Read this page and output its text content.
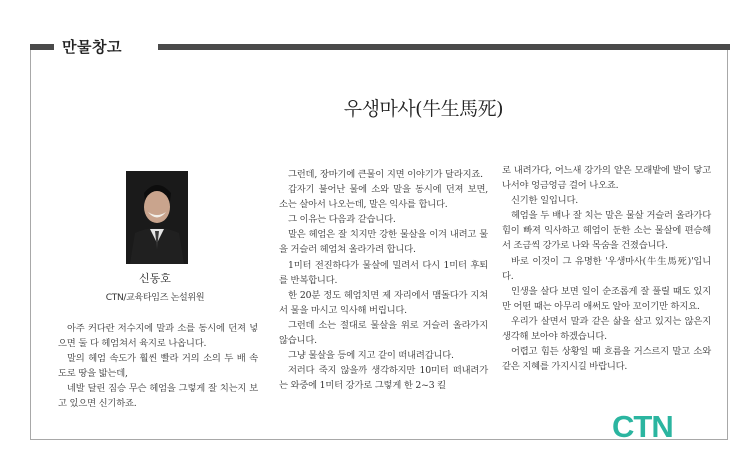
만물창고
우생마사(牛生馬死)
신동호
CTN/교육타임즈 논설위원

아주 커다란 저수지에 말과 소를 동시에 던져 넣으면 둘 다 헤엄쳐서 육지로 나옵니다.

말의 헤엄 속도가 훨씬 빨라 거의 소의 두 배 속도로 땅을 밟는데,

네발 달린 짐승 무슨 헤엄을 그렇게 잘 치는지 보고 있으면 신기하죠.

그런데, 장마기에 큰물이 지면 이야기가 달라지죠.

갑자기 불어난 물에 소와 말을 동시에 던져 보면, 소는 살아서 나오는데, 말은 익사를 합니다.

그 이유는 다음과 같습니다.

말은 헤엄은 잘 치지만 강한 물살을 이겨 내려고 물을 거슬러 헤엄쳐 올라가려 합니다.

1미터 전진하다가 물살에 밀려서 다시 1미터 후퇴를 반복합니다.

한 20분 정도 헤엄치면 제 자리에서 맴돌다가 지쳐서 물을 마시고 익사해 버립니다.

그런데 소는 절대로 물살을 위로 거슬러 올라가지 않습니다.

그냥 물살을 등에 지고 같이 떠내려갑니다.

저러다 죽지 않을까 생각하지만 10미터 떠내려가는 와중에 1미터 강가로 그렇게 한 2~3 킬

로 내려가다, 어느새 강가의 얕은 모래밭에 발이 닿고 나서야 엉금엉금 걸어 나오죠.

신기한 일입니다.

헤엄을 두 배나 잘 치는 말은 물살 거슬러 올라가다 힘이 빠져 익사하고 헤엄이 둔한 소는 물살에 편승해서 조금씩 강가로 나와 목숨을 건졌습니다.

바로 이것이 그 유명한 '우생마사(牛生馬死)'입니다.

인생을 살다 보면 일이 순조롭게 잘 풀릴 때도 있지만 어떤 때는 아무리 애써도 알아 꼬이기만 하지요.

우리가 살면서 말과 같은 삶을 살고 있지는 않은지 생각해 보아야 하겠습니다.

어렵고 힘든 상황일 때 흐름을 거스르지 말고 소와 같은 지혜를 가지시길 바랍니다.

CTN
